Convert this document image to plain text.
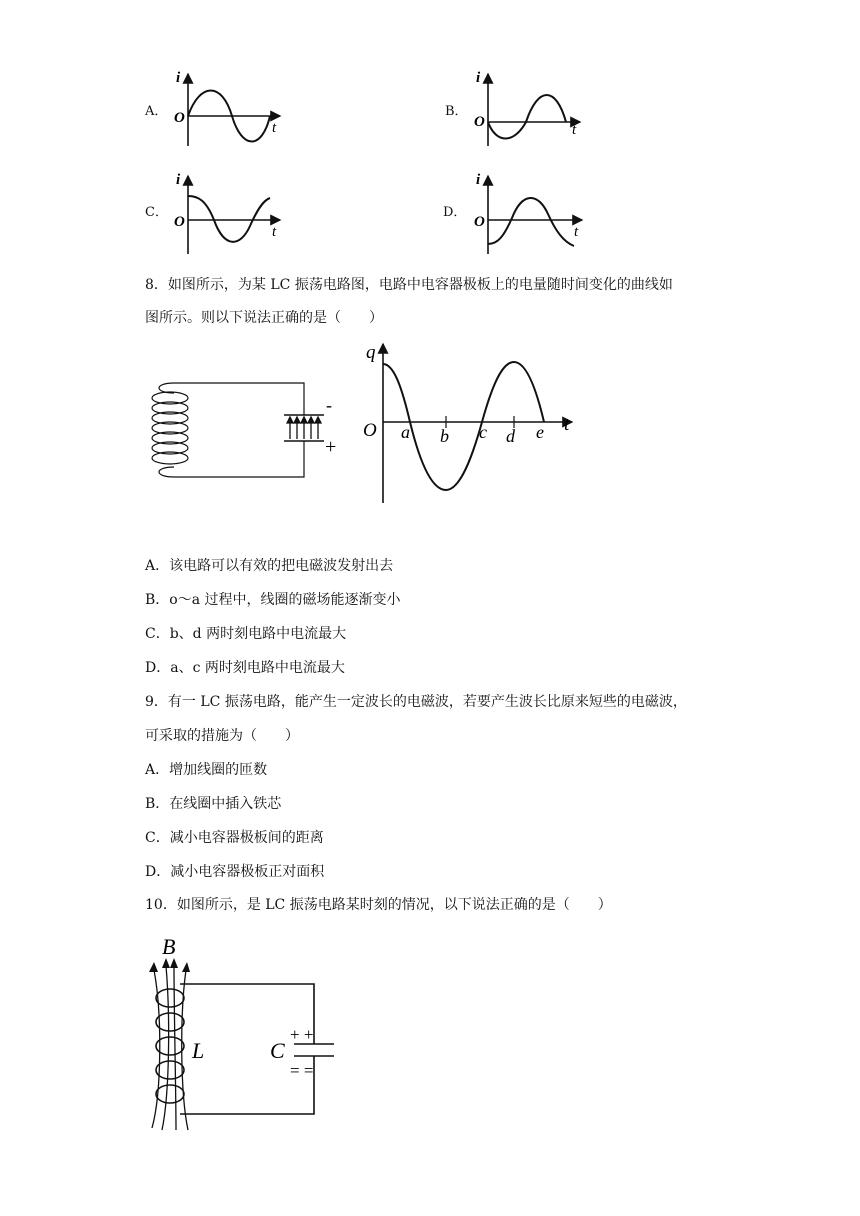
A．
i
O
t
B．
i
O	t
C．
i
O
t
D．
i
O
t
8．如图所示，为某 LC 振荡电路图，电路中电容器极板上的电量随时间变化的曲线如
图所示。则以下说法正确的是（　　）
-
+
q
O	t
a b c d e
A．该电路可以有效的把电磁波发射出去
B．o～a 过程中，线圈的磁场能逐渐变小
C．b、d 两时刻电路中电流最大
D．a、c 两时刻电路中电流最大
9．有一 LC 振荡电路，能产生一定波长的电磁波，若要产生波长比原来短些的电磁波，
可采取的措施为（　　）
A．增加线圈的匝数
B．在线圈中插入铁芯
C．减小电容器极板间的距离
D．减小电容器极板正对面积
10．如图所示，是 LC 振荡电路某时刻的情况，以下说法正确的是（　　）
+ +
= =
B
L	C
